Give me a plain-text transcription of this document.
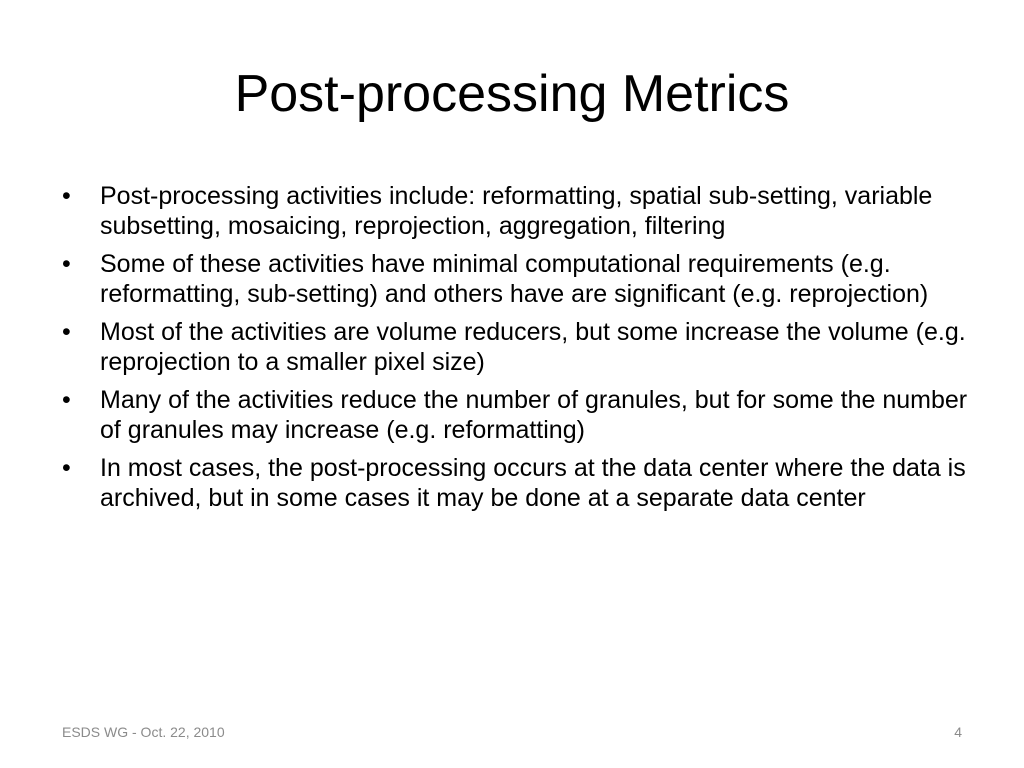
Post-processing Metrics
•	Post-processing activities include: reformatting, spatial sub-setting, variable subsetting, mosaicing, reprojection, aggregation, filtering
•	Some of these activities have minimal computational requirements (e.g. reformatting, sub-setting) and others have are significant (e.g. reprojection)
•	Most of the activities are volume reducers, but some increase the volume (e.g. reprojection to a smaller pixel size)
•	Many of the activities reduce the number of granules, but for some the number of granules may increase (e.g. reformatting)
•	In most cases, the post-processing occurs at the data center where the data is archived, but in some cases it may be done at a separate data center
ESDS WG - Oct. 22, 2010	4
